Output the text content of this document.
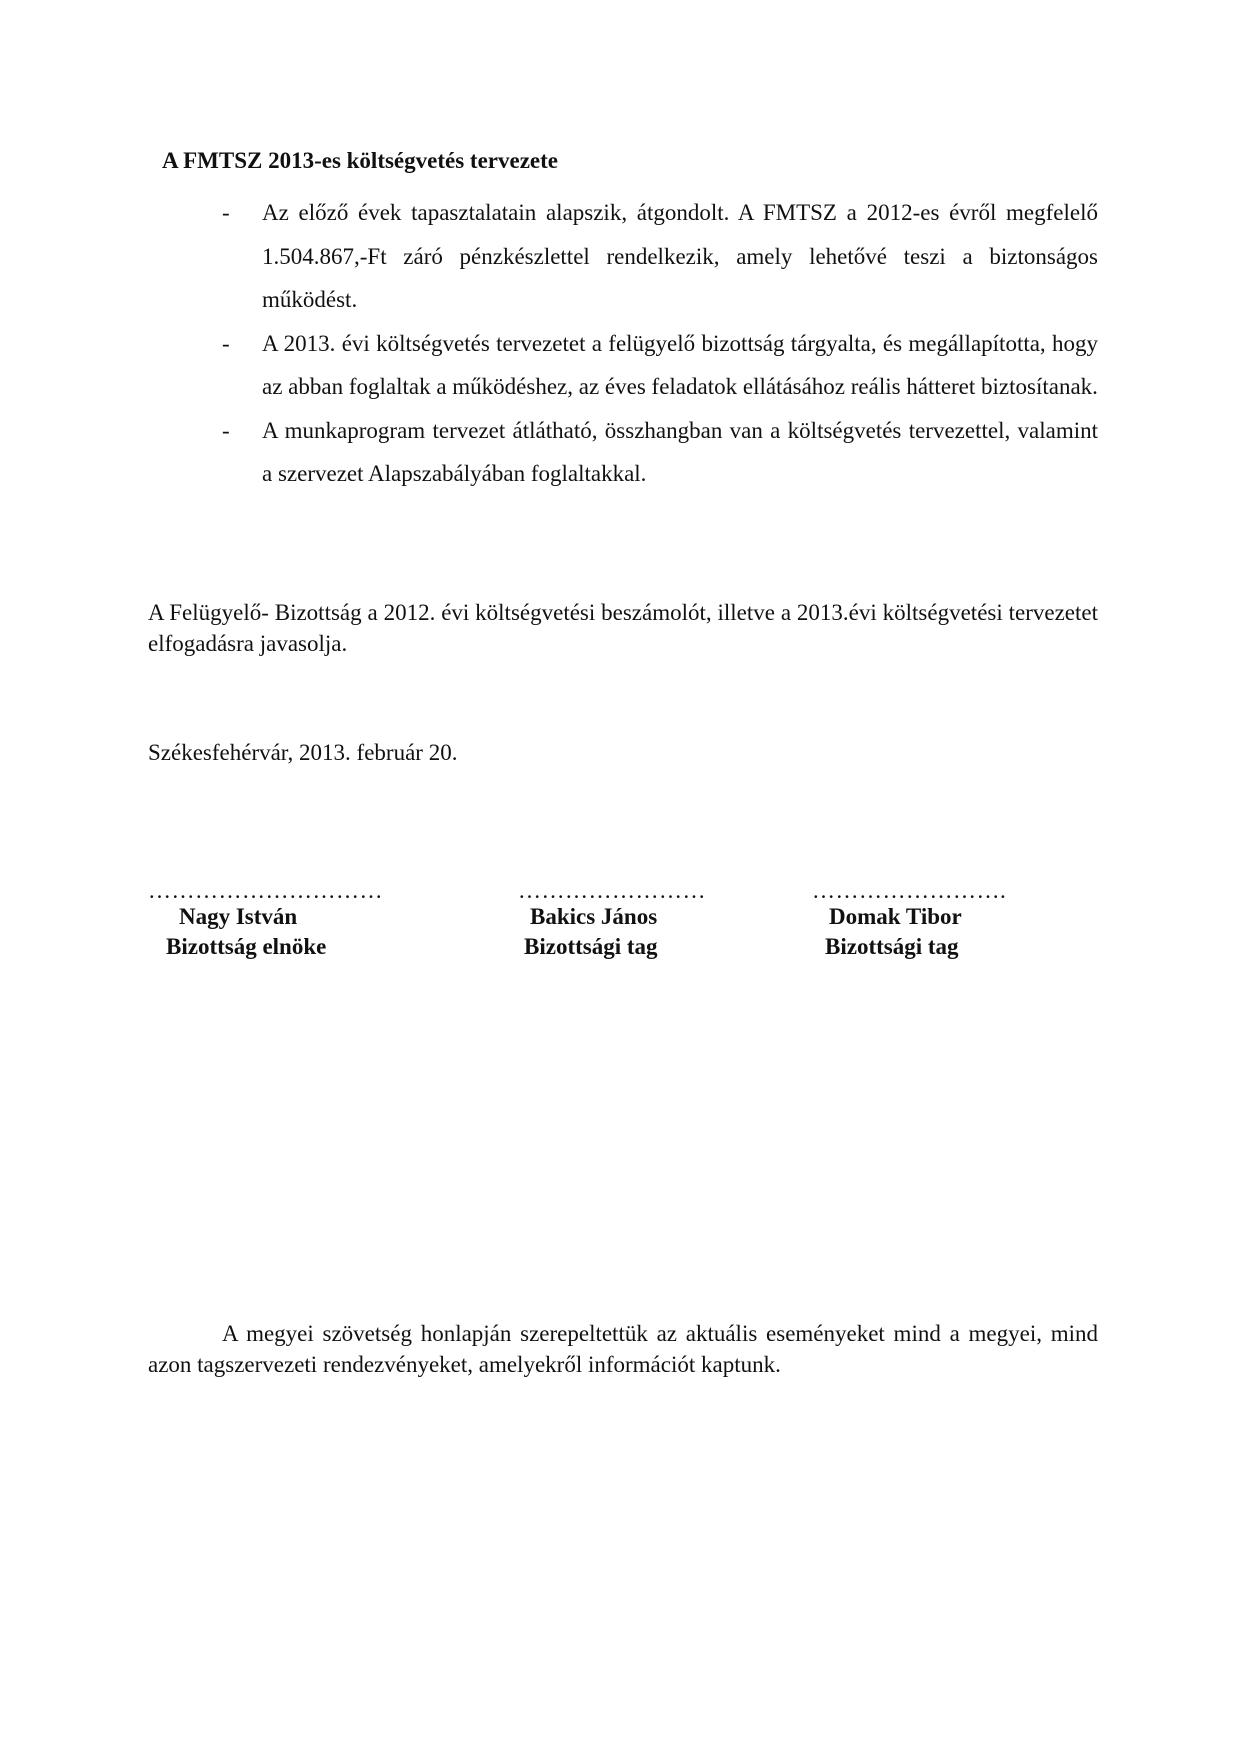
A FMTSZ 2013-es költségvetés tervezete
- Az előző évek tapasztalatain alapszik, átgondolt. A FMTSZ a 2012-es évről megfelelő 1.504.867,-Ft záró pénzkészlettel rendelkezik, amely lehetővé teszi a biztonságos működést.
- A 2013. évi költségvetés tervezetet a felügyelő bizottság tárgyalta, és megállapította, hogy az abban foglaltak a működéshez, az éves feladatok ellátásához reális hátteret biztosítanak.
- A munkaprogram tervezet átlátható, összhangban van a költségvetés tervezettel, valamint a szervezet Alapszabályában foglaltakkal.

A Felügyelő- Bizottság a 2012. évi költségvetési beszámolót, illetve a 2013.évi költségvetési tervezetet elfogadásra javasolja.

Székesfehérvár, 2013. február 20.

…………………………
Nagy István
Bizottság elnöke
……………………
Bakics János
Bizottsági tag
…………………….
Domak Tibor
Bizottsági tag

A megyei szövetség honlapján szerepeltettük az aktuális eseményeket mind a megyei, mind azon tagszervezeti rendezvényeket, amelyekről információt kaptunk.
